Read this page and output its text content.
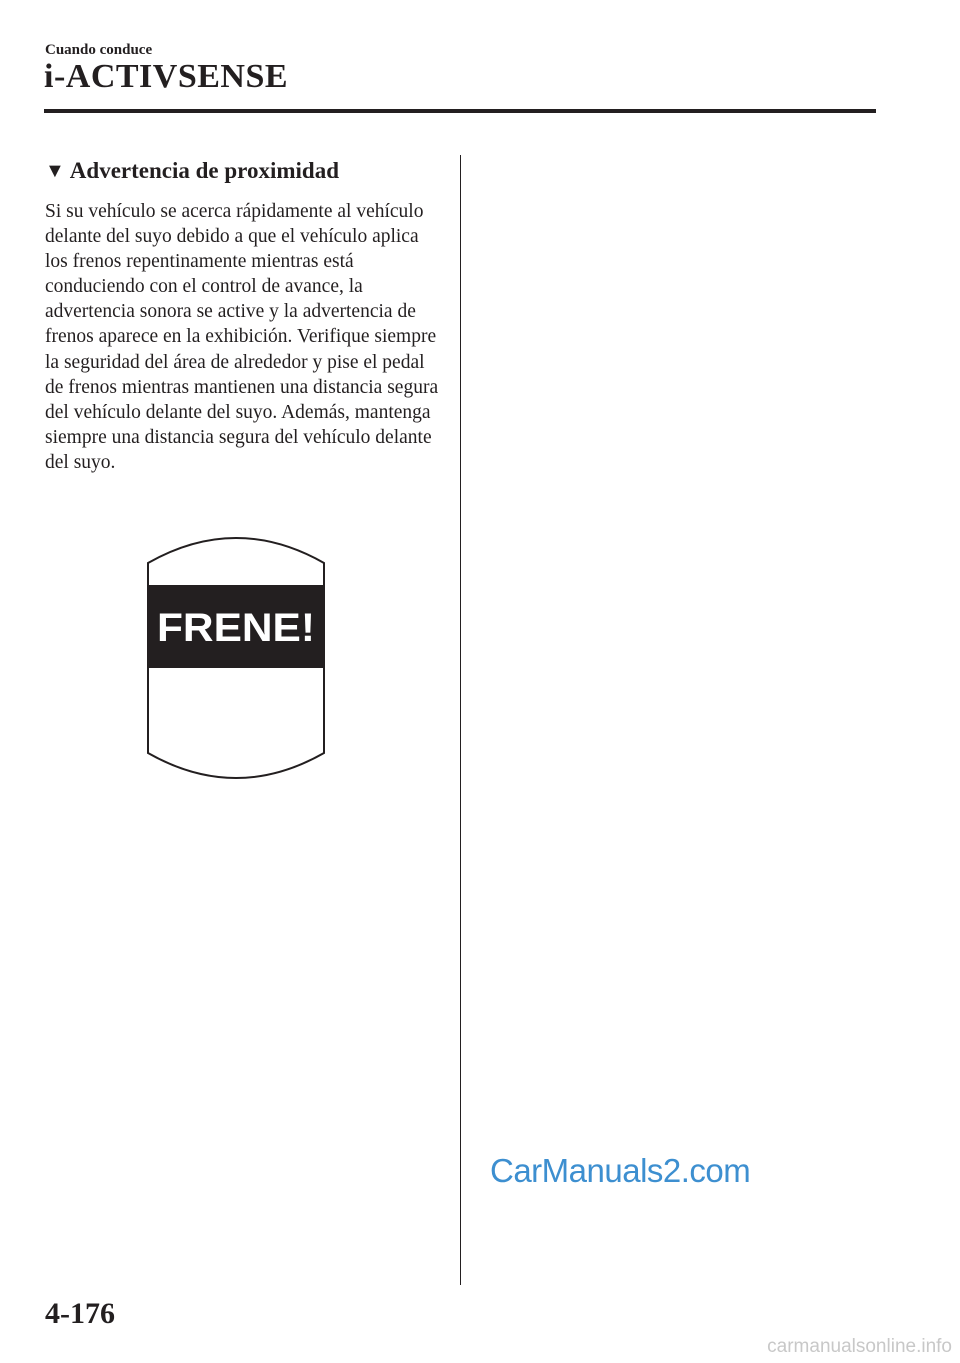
Cuando conduce
i-ACTIVSENSE
▼ Advertencia de proximidad

Si su vehículo se acerca rápidamente al vehículo delante del suyo debido a que el vehículo aplica los frenos repentinamente mientras está conduciendo con el control de avance, la advertencia sonora se active y la advertencia de frenos aparece en la exhibición. Verifique siempre la seguridad del área de alrededor y pise el pedal de frenos mientras mantienen una distancia segura del vehículo delante del suyo. Además, mantenga siempre una distancia segura del vehículo delante del suyo.

FRENE!
CarManuals2.com
4-176
carmanualsonline.info
